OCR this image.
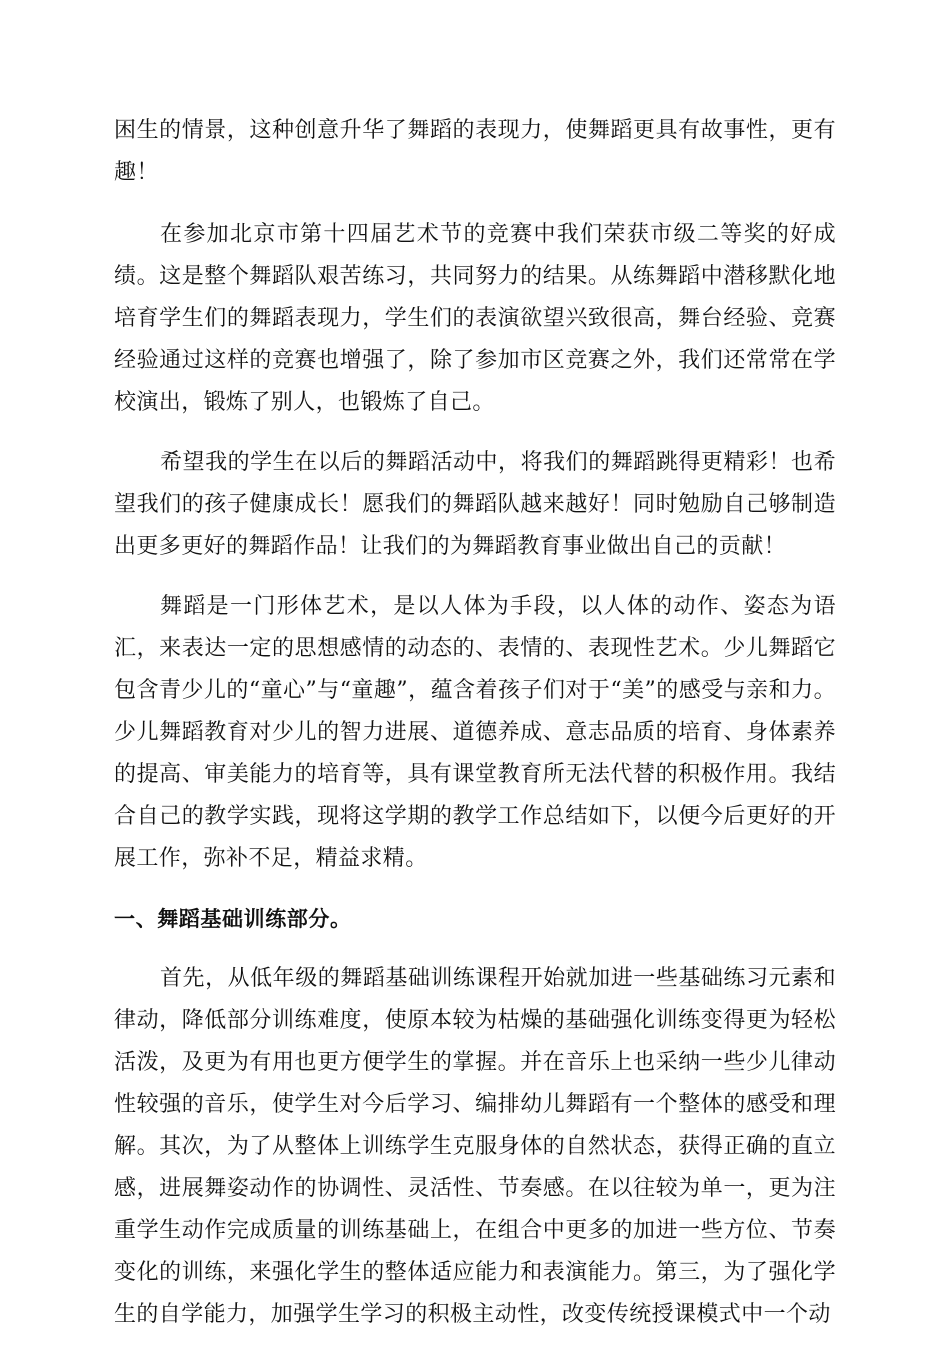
困生的情景，这种创意升华了舞蹈的表现力，使舞蹈更具有故事性，更有趣！

在参加北京市第十四届艺术节的竞赛中我们荣获市级二等奖的好成绩。这是整个舞蹈队艰苦练习，共同努力的结果。从练舞蹈中潜移默化地培育学生们的舞蹈表现力，学生们的表演欲望兴致很高，舞台经验、竞赛经验通过这样的竞赛也增强了，除了参加市区竞赛之外，我们还常常在学校演出，锻炼了别人，也锻炼了自己。

希望我的学生在以后的舞蹈活动中，将我们的舞蹈跳得更精彩！也希望我们的孩子健康成长！愿我们的舞蹈队越来越好！同时勉励自己够制造出更多更好的舞蹈作品！让我们的为舞蹈教育事业做出自己的贡献！

舞蹈是一门形体艺术，是以人体为手段，以人体的动作、姿态为语汇，来表达一定的思想感情的动态的、表情的、表现性艺术。少儿舞蹈它包含青少儿的“童心”与“童趣”，蕴含着孩子们对于“美”的感受与亲和力。少儿舞蹈教育对少儿的智力进展、道德养成、意志品质的培育、身体素养的提高、审美能力的培育等，具有课堂教育所无法代替的积极作用。我结合自己的教学实践，现将这学期的教学工作总结如下，以便今后更好的开展工作，弥补不足，精益求精。

一、舞蹈基础训练部分。

首先，从低年级的舞蹈基础训练课程开始就加进一些基础练习元素和律动，降低部分训练难度，使原本较为枯燥的基础强化训练变得更为轻松活泼，及更为有用也更方便学生的掌握。并在音乐上也采纳一些少儿律动性较强的音乐，使学生对今后学习、编排幼儿舞蹈有一个整体的感受和理解。其次，为了从整体上训练学生克服身体的自然状态，获得正确的直立感，进展舞姿动作的协调性、灵活性、节奏感。在以往较为单一，更为注重学生动作完成质量的训练基础上，在组合中更多的加进一些方位、节奏变化的训练，来强化学生的整体适应能力和表演能力。第三，为了强化学生的自学能力，加强学生学习的积极主动性，改变传统授课模式中一个动
